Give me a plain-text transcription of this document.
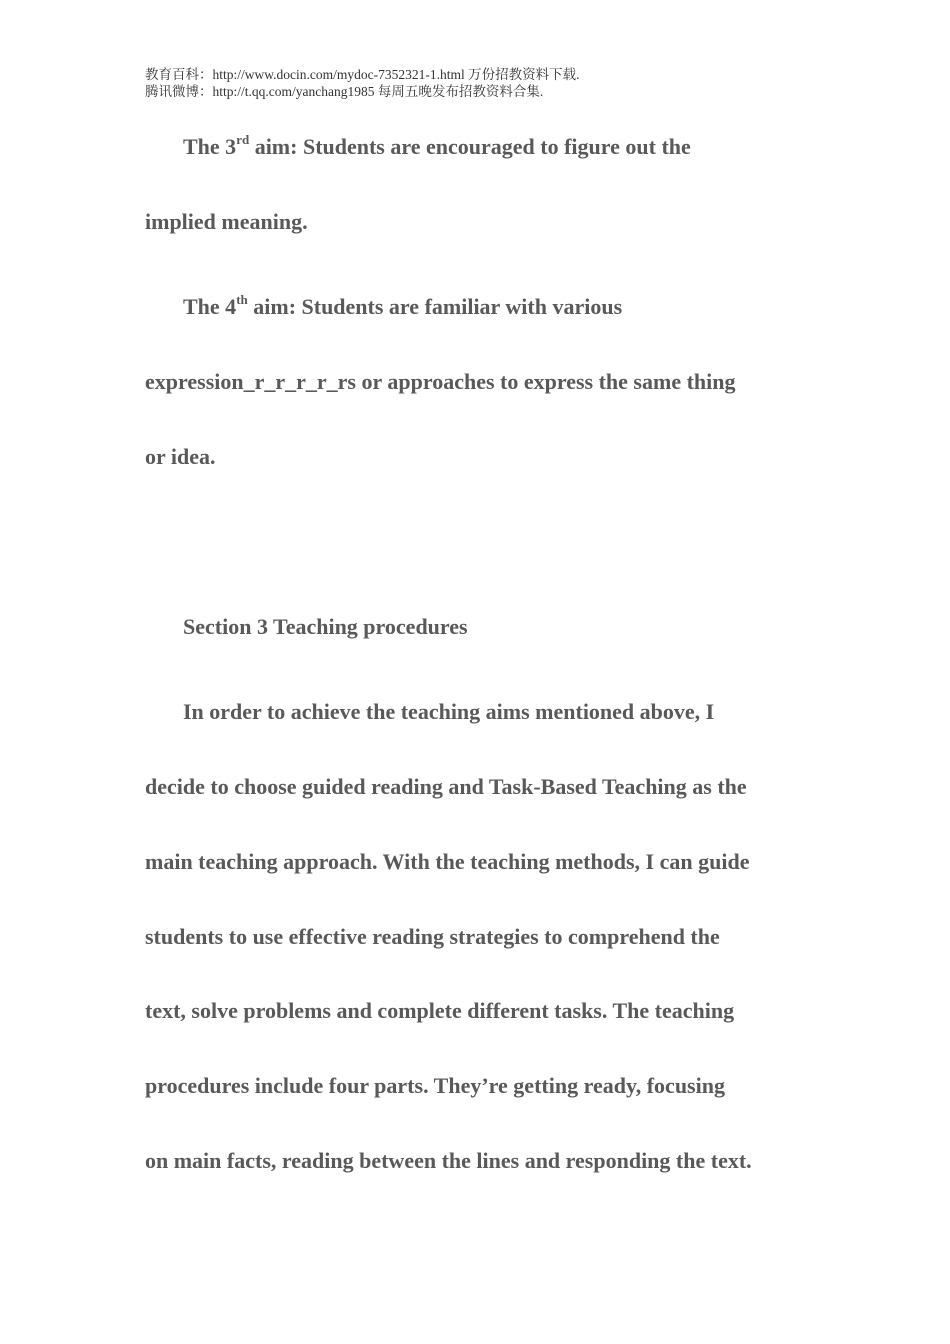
教育百科：http://www.docin.com/mydoc-7352321-1.html 万份招教资料下载.
腾讯微博：http://t.qq.com/yanchang1985 每周五晚发布招教资料合集.
The 3rd aim: Students are encouraged to figure out the
implied meaning.
The 4th aim: Students are familiar with various
expression_r_r_r_r_rs or approaches to express the same thing
or idea.
Section 3 Teaching procedures
In order to achieve the teaching aims mentioned above, I
decide to choose guided reading and Task-Based Teaching as the
main teaching approach. With the teaching methods, I can guide
students to use effective reading strategies to comprehend the
text, solve problems and complete different tasks. The teaching
procedures include four parts. They’re getting ready, focusing
on main facts, reading between the lines and responding the text.
